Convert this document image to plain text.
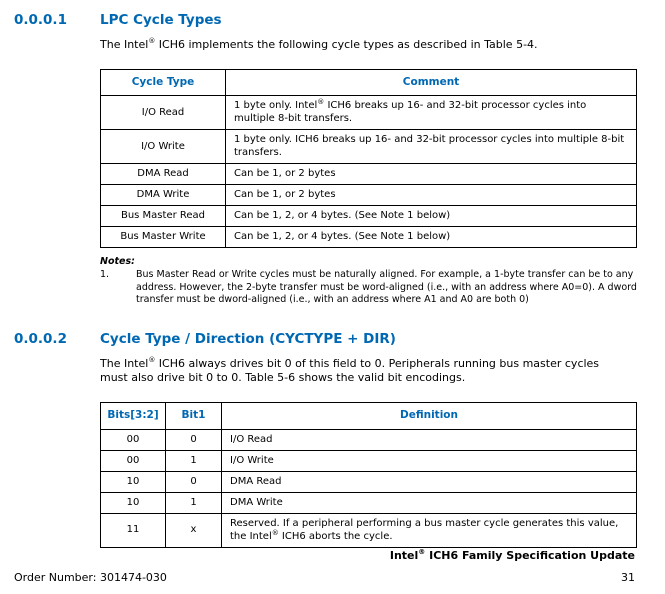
0.0.0.1	LPC Cycle Types

The Intel® ICH6 implements the following cycle types as described in Table 5-4.

Cycle Type	Comment
I/O Read	1 byte only. Intel® ICH6 breaks up 16- and 32-bit processor cycles into multiple 8-bit transfers.
I/O Write	1 byte only. ICH6 breaks up 16- and 32-bit processor cycles into multiple 8-bit transfers.
DMA Read	Can be 1, or 2 bytes
DMA Write	Can be 1, or 2 bytes
Bus Master Read	Can be 1, 2, or 4 bytes. (See Note 1 below)
Bus Master Write	Can be 1, 2, or 4 bytes. (See Note 1 below)
Notes:
1.	Bus Master Read or Write cycles must be naturally aligned. For example, a 1-byte transfer can be to any address. However, the 2-byte transfer must be word-aligned (i.e., with an address where A0=0). A dword transfer must be dword-aligned (i.e., with an address where A1 and A0 are both 0)
0.0.0.2	Cycle Type / Direction (CYCTYPE + DIR)

The Intel® ICH6 always drives bit 0 of this field to 0. Peripherals running bus master cycles must also drive bit 0 to 0. Table 5-6 shows the valid bit encodings.

Bits[3:2]	Bit1	Definition
00	0	I/O Read
00	1	I/O Write
10	0	DMA Read
10	1	DMA Write
11	x	Reserved. If a peripheral performing a bus master cycle generates this value, the Intel® ICH6 aborts the cycle.
Intel® ICH6 Family Specification Update
Order Number: 301474-030	31
